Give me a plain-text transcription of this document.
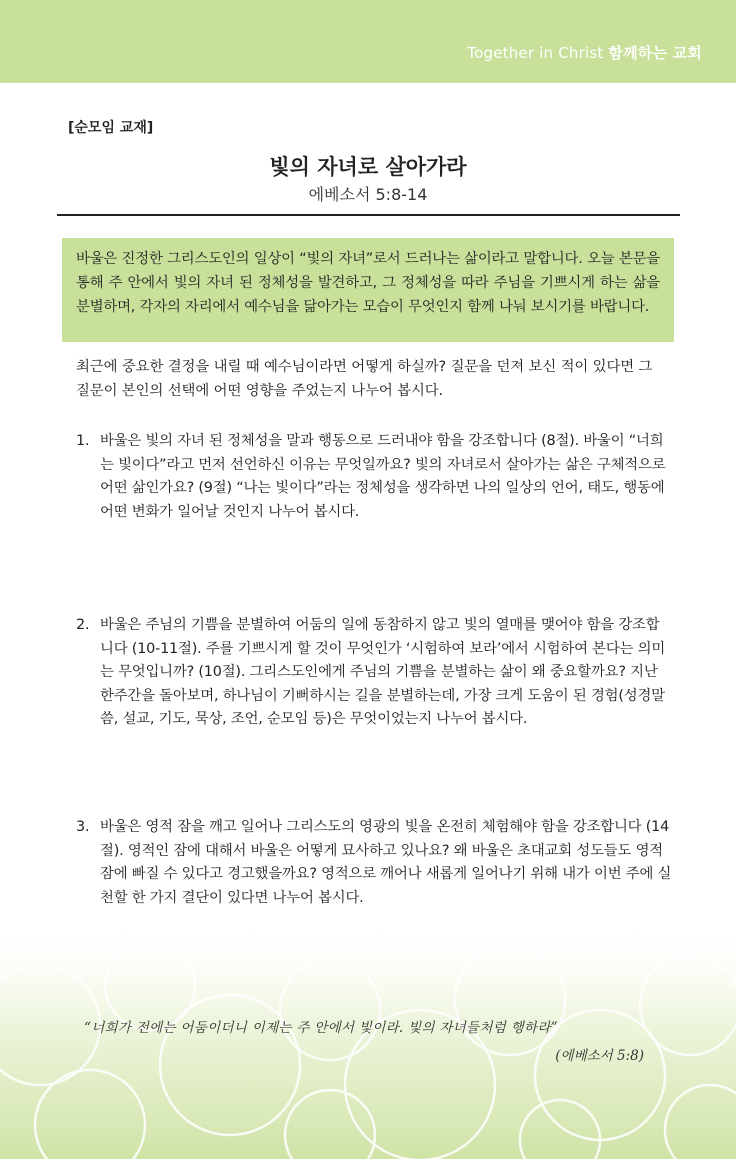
Together in Christ 함께하는 교회
[순모임 교재]
빛의 자녀로 살아가라
에베소서 5:8-14
바울은 진정한 그리스도인의 일상이 “빛의 자녀”로서 드러나는 삶이라고 말합니다. 오늘 본문을 통해 주 안에서 빛의 자녀 된 정체성을 발견하고, 그 정체성을 따라 주님을 기쁘시게 하는 삶을 분별하며, 각자의 자리에서 예수님을 닮아가는 모습이 무엇인지 함께 나눠 보시기를 바랍니다.
최근에 중요한 결정을 내릴 때 예수님이라면 어떻게 하실까? 질문을 던져 보신 적이 있다면 그 질문이 본인의 선택에 어떤 영향을 주었는지 나누어 봅시다.
1. 바울은 빛의 자녀 된 정체성을 말과 행동으로 드러내야 함을 강조합니다 (8절). 바울이 “너희는 빛이다”라고 먼저 선언하신 이유는 무엇일까요? 빛의 자녀로서 살아가는 삶은 구체적으로 어떤 삶인가요? (9절) “나는 빛이다”라는 정체성을 생각하면 나의 일상의 언어, 태도, 행동에 어떤 변화가 일어날 것인지 나누어 봅시다.
2. 바울은 주님의 기쁨을 분별하여 어둠의 일에 동참하지 않고 빛의 열매를 맺어야 함을 강조합니다 (10-11절). 주를 기쁘시게 할 것이 무엇인가 ‘시험하여 보라’에서 시험하여 본다는 의미는 무엇입니까? (10절). 그리스도인에게 주님의 기쁨을 분별하는 삶이 왜 중요할까요? 지난 한주간을 돌아보며, 하나님이 기뻐하시는 길을 분별하는데, 가장 크게 도움이 된 경험(성경말씀, 설교, 기도, 묵상, 조언, 순모임 등)은 무엇이었는지 나누어 봅시다.
3. 바울은 영적 잠을 깨고 일어나 그리스도의 영광의 빛을 온전히 체험해야 함을 강조합니다 (14절). 영적인 잠에 대해서 바울은 어떻게 묘사하고 있나요? 왜 바울은 초대교회 성도들도 영적 잠에 빠질 수 있다고 경고했을까요? 영적으로 깨어나 새롭게 일어나기 위해 내가 이번 주에 실천할 한 가지 결단이 있다면 나누어 봅시다.
“너희가 전에는 어둠이더니 이제는 주 안에서 빛이라. 빛의 자녀들처럼 행하라”
(에베소서 5:8)
